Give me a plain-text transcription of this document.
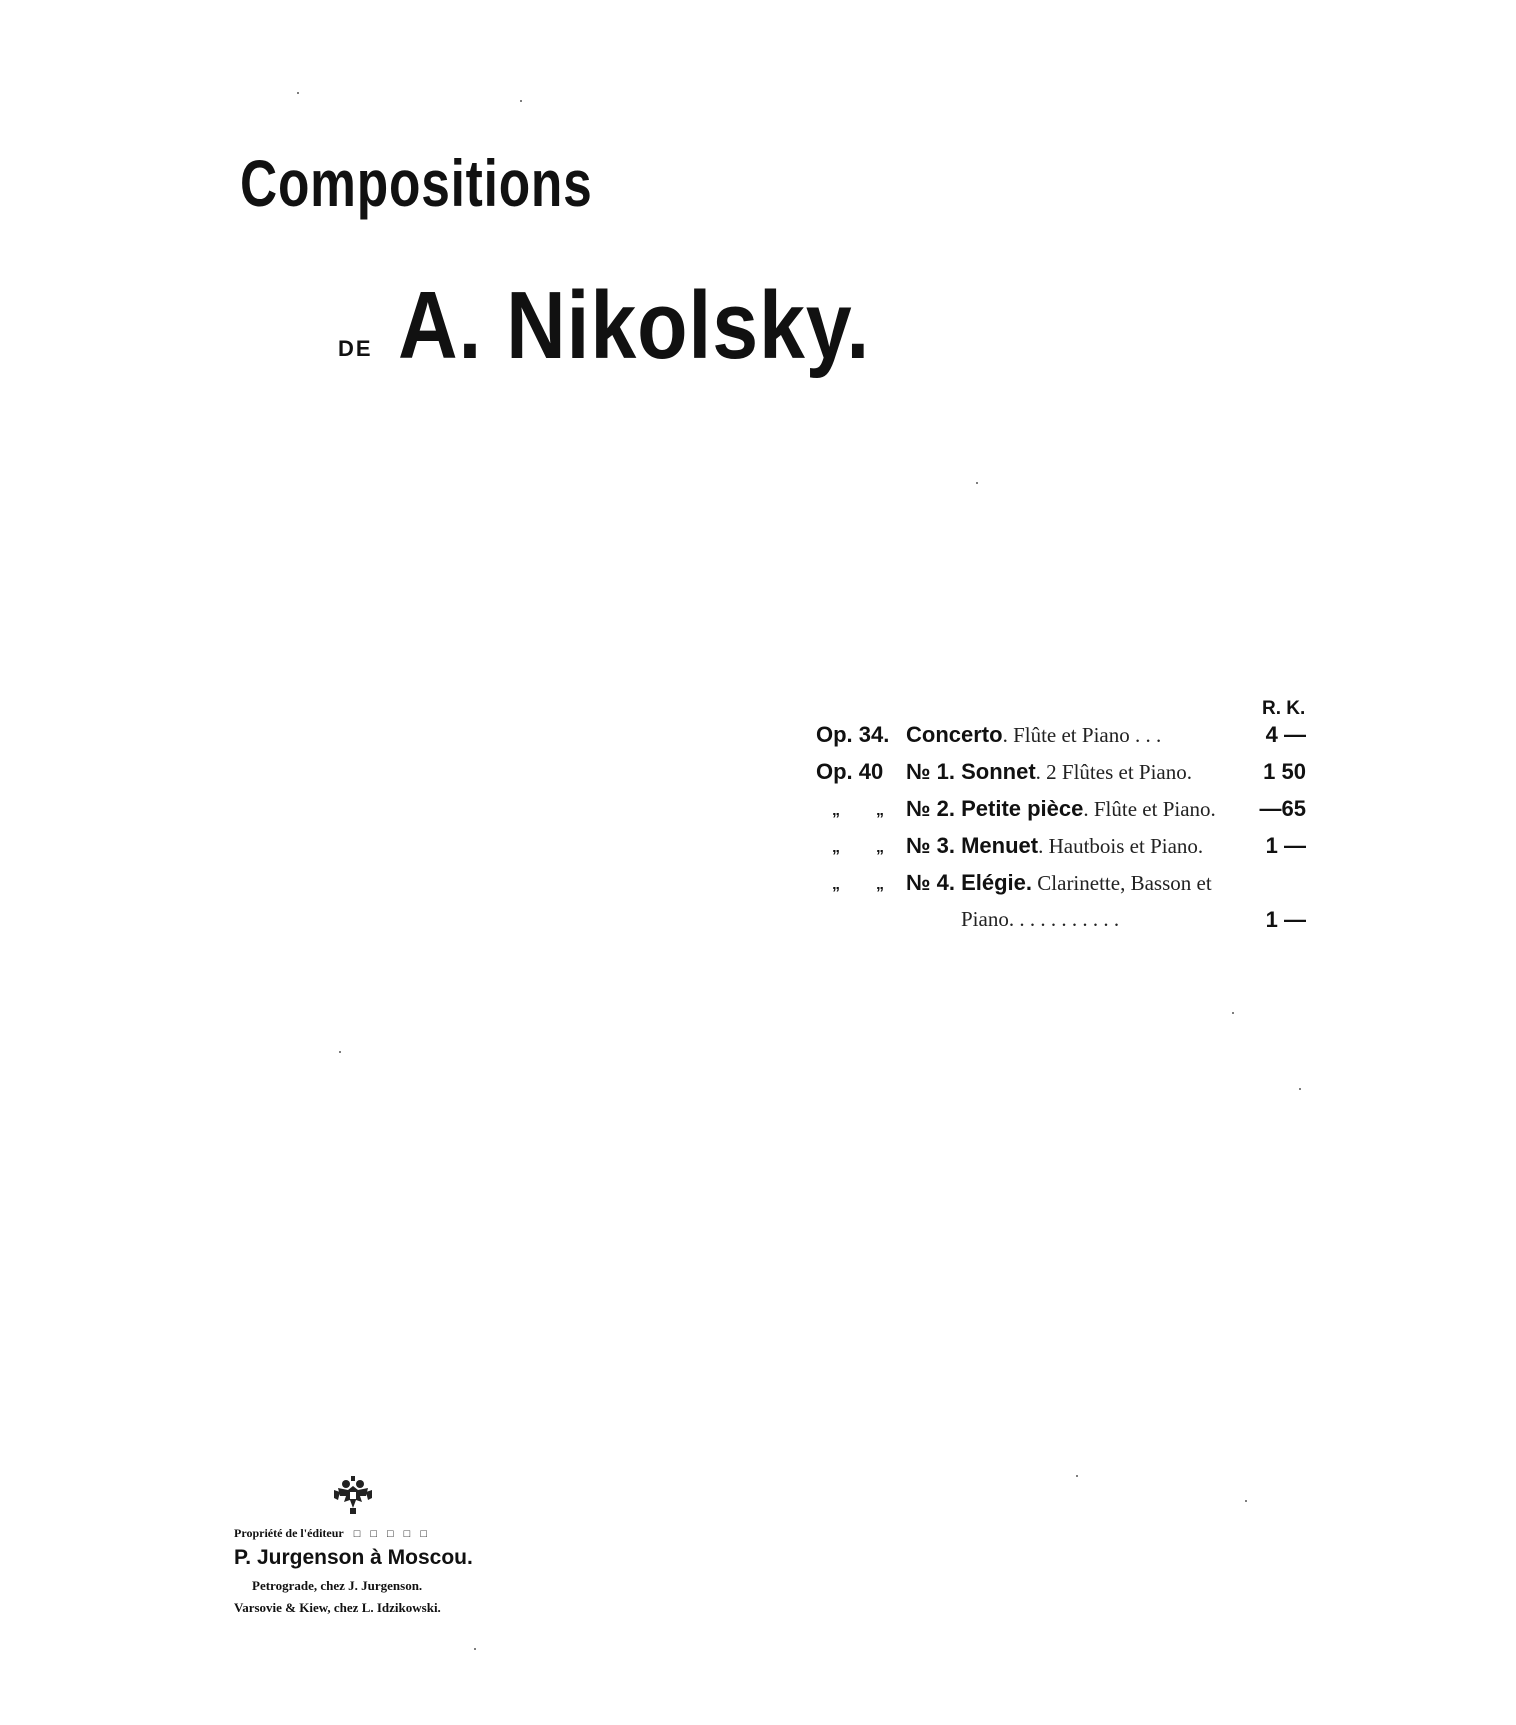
Compositions
DE A. Nikolsky.
R. K.
Op. 34. Concerto. Flûte et Piano . . .	4 —
Op. 40 № 1. Sonnet. 2 Flûtes et Piano.	1 50
„ „ № 2. Petite pièce. Flûte et Piano. —65
„ „ № 3. Menuet. Hautbois et Piano.	1 —
„ „ № 4. Elégie. Clarinette, Basson et
Piano. . . . . . . . . . .	1 —
Propriété de l'éditeur □□□□□
P. Jurgenson à Moscou.
Petrograde, chez J. Jurgenson.
Varsovie & Kiew, chez L. Idzikowski.
